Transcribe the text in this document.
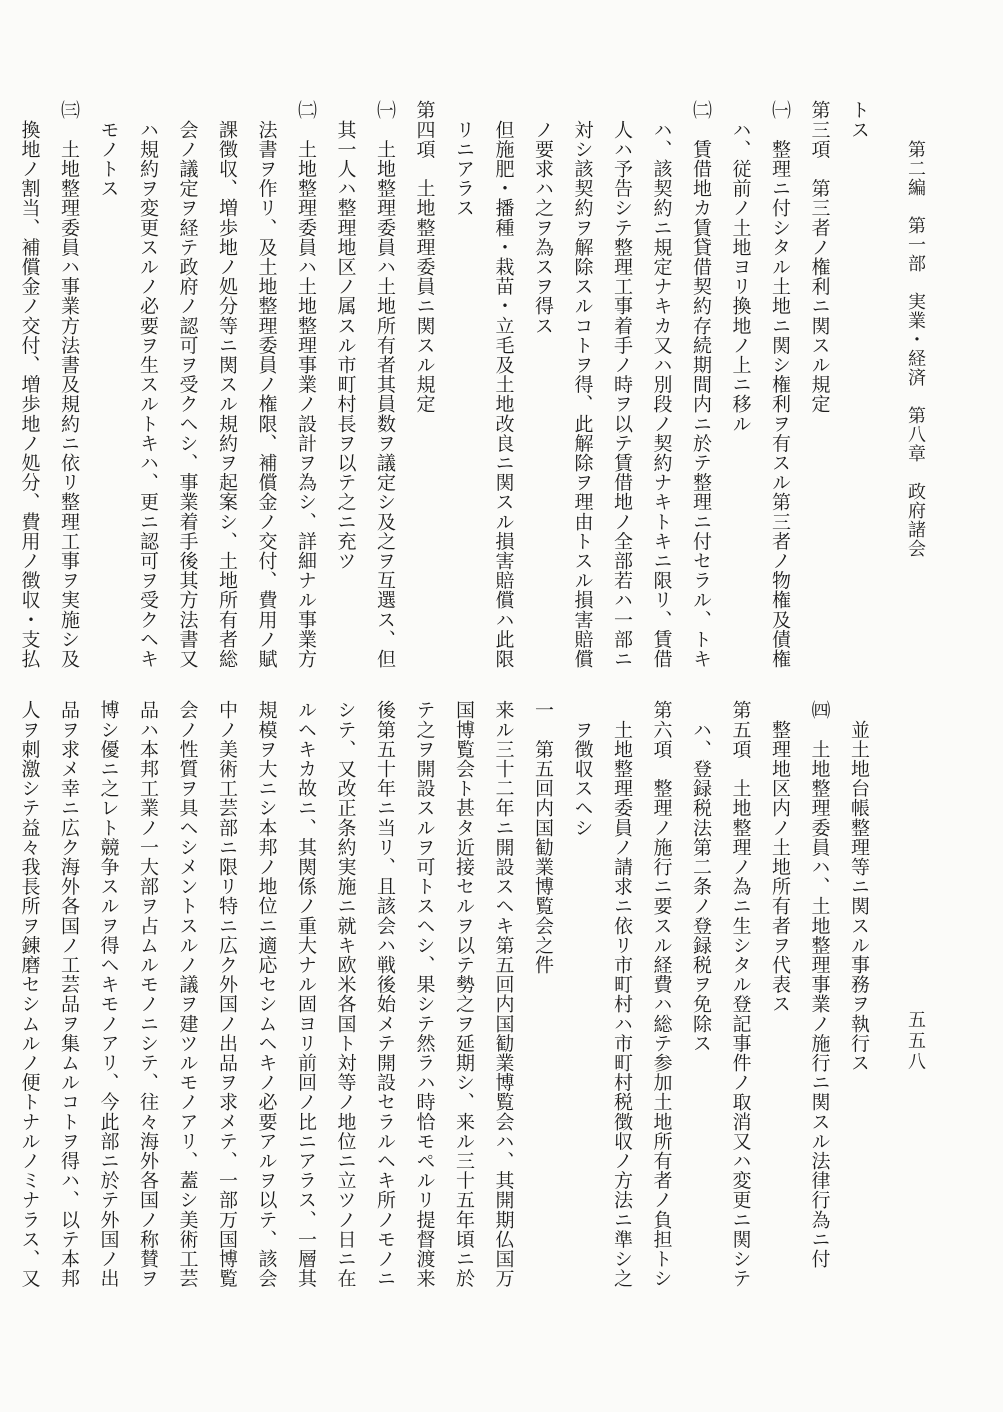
第二編　第一部　実業・経済　第八章　政府諸会
五五八
トス
第三項　第三者ノ権利ニ関スル規定
㈠　整理ニ付シタル土地ニ関シ権利ヲ有スル第三者ノ物権及債権
　ハ、従前ノ土地ヨリ換地ノ上ニ移ル
㈡　賃借地カ賃貸借契約存続期間内ニ於テ整理ニ付セラル、トキ
　ハ、該契約ニ規定ナキカ又ハ別段ノ契約ナキトキニ限リ、賃借
　人ハ予告シテ整理工事着手ノ時ヲ以テ賃借地ノ全部若ハ一部ニ
　対シ該契約ヲ解除スルコトヲ得、此解除ヲ理由トスル損害賠償
　ノ要求ハ之ヲ為スヲ得ス
　但施肥・播種・栽苗・立毛及土地改良ニ関スル損害賠償ハ此限
　リニアラス
第四項　土地整理委員ニ関スル規定
㈠　土地整理委員ハ土地所有者其員数ヲ議定シ及之ヲ互選ス、但
　其一人ハ整理地区ノ属スル市町村長ヲ以テ之ニ充ツ
㈡　土地整理委員ハ土地整理事業ノ設計ヲ為シ、詳細ナル事業方
　法書ヲ作リ、及土地整理委員ノ権限、補償金ノ交付、費用ノ賦
　課徴収、増歩地ノ処分等ニ関スル規約ヲ起案シ、土地所有者総
　会ノ議定ヲ経テ政府ノ認可ヲ受クヘシ、事業着手後其方法書又
　ハ規約ヲ変更スルノ必要ヲ生スルトキハ、更ニ認可ヲ受クヘキ
　モノトス
㈢　土地整理委員ハ事業方法書及規約ニ依リ整理工事ヲ実施シ及
　換地ノ割当、補償金ノ交付、増歩地ノ処分、費用ノ徴収・支払
　並土地台帳整理等ニ関スル事務ヲ執行ス
㈣　土地整理委員ハ、土地整理事業ノ施行ニ関スル法律行為ニ付
　整理地区内ノ土地所有者ヲ代表ス
第五項　土地整理ノ為ニ生シタル登記事件ノ取消又ハ変更ニ関シテ
　ハ、登録税法第二条ノ登録税ヲ免除ス
第六項　整理ノ施行ニ要スル経費ハ総テ参加土地所有者ノ負担トシ
　土地整理委員ノ請求ニ依リ市町村ハ市町村税徴収ノ方法ニ準シ之
　ヲ徴収スヘシ
一　第五回内国勧業博覧会之件
来ル三十二年ニ開設スヘキ第五回内国勧業博覧会ハ、其開期仏国万
国博覧会ト甚タ近接セルヲ以テ勢之ヲ延期シ、来ル三十五年頃ニ於
テ之ヲ開設スルヲ可トスヘシ、果シテ然ラハ時恰モペルリ提督渡来
後第五十年ニ当リ、且該会ハ戦後始メテ開設セラルヘキ所ノモノニ
シテ、又改正条約実施ニ就キ欧米各国ト対等ノ地位ニ立ツノ日ニ在
ルヘキカ故ニ、其関係ノ重大ナル固ヨリ前回ノ比ニアラス、一層其
規模ヲ大ニシ本邦ノ地位ニ適応セシムヘキノ必要アルヲ以テ、該会
中ノ美術工芸部ニ限リ特ニ広ク外国ノ出品ヲ求メテ、一部万国博覧
会ノ性質ヲ具ヘシメントスルノ議ヲ建ツルモノアリ、蓋シ美術工芸
品ハ本邦工業ノ一大部ヲ占ムルモノニシテ、往々海外各国ノ称賛ヲ
博シ優ニ之レト競争スルヲ得ヘキモノアリ、今此部ニ於テ外国ノ出
品ヲ求メ幸ニ広ク海外各国ノ工芸品ヲ集ムルコトヲ得ハ、以テ本邦
人ヲ刺激シテ益々我長所ヲ錬磨セシムルノ便トナルノミナラス、又
